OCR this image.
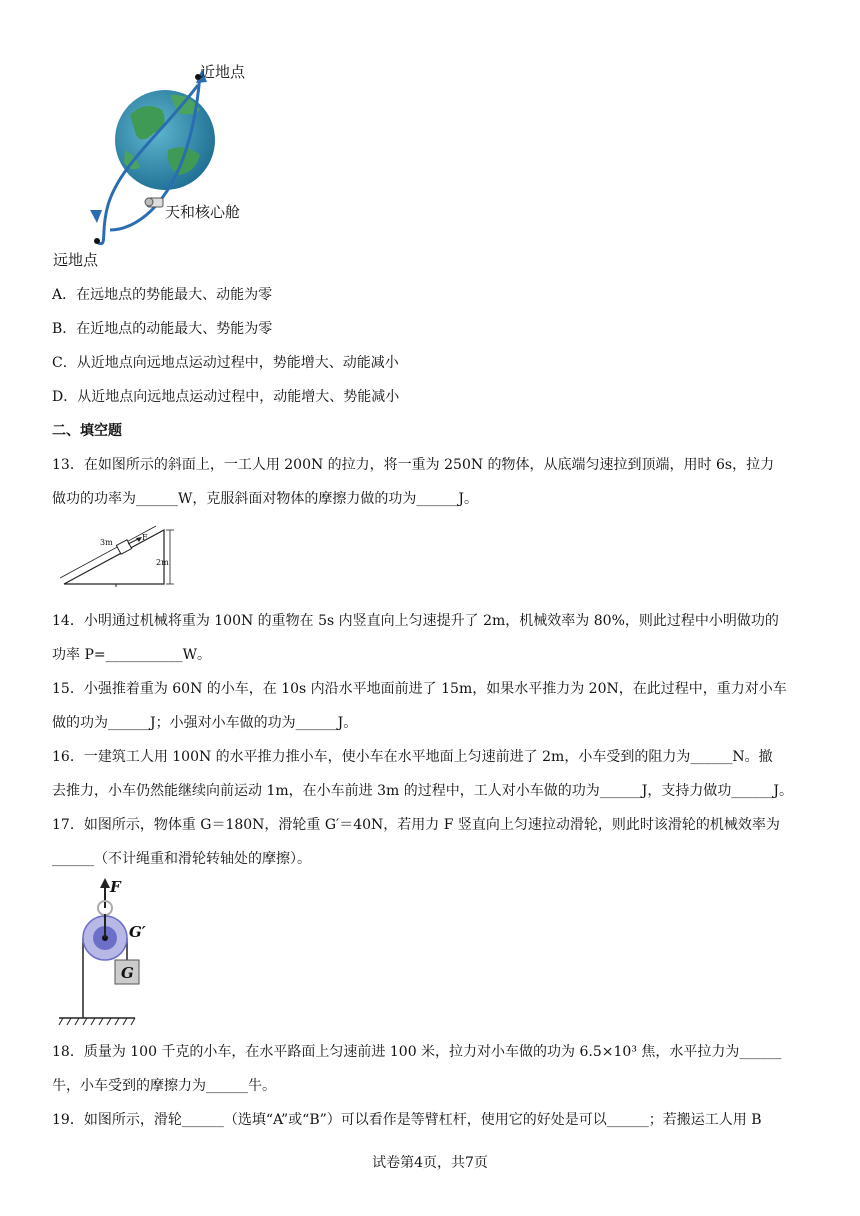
近地点
天和核心舱
远地点
A．在远地点的势能最大、动能为零
B．在近地点的动能最大、势能为零
C．从近地点向远地点运动过程中，势能增大、动能减小
D．从近地点向远地点运动过程中，动能增大、势能减小
二、填空题
13．在如图所示的斜面上，一工人用 200N 的拉力，将一重为 250N 的物体，从底端匀速拉到顶端，用时 6s，拉力
做功的功率为______W，克服斜面对物体的摩擦力做的功为______J。
3m
F
2m
14．小明通过机械将重为 100N 的重物在 5s 内竖直向上匀速提升了 2m，机械效率为 80%，则此过程中小明做功的
功率 P=___________W。
15．小强推着重为 60N 的小车，在 10s 内沿水平地面前进了 15m，如果水平推力为 20N，在此过程中，重力对小车
做的功为______J；小强对小车做的功为______J。
16．一建筑工人用 100N 的水平推力推小车，使小车在水平地面上匀速前进了 2m，小车受到的阻力为______N。撤
去推力，小车仍然能继续向前运动 1m，在小车前进 3m 的过程中，工人对小车做的功为______J，支持力做功______J。
17．如图所示，物体重 G＝180N，滑轮重 G′＝40N，若用力 F 竖直向上匀速拉动滑轮，则此时该滑轮的机械效率为
______（不计绳重和滑轮转轴处的摩擦）。
F
G′
G
18．质量为 100 千克的小车，在水平路面上匀速前进 100 米，拉力对小车做的功为 6.5×10³ 焦，水平拉力为______
牛，小车受到的摩擦力为______牛。
19．如图所示，滑轮______（选填“A”或“B”）可以看作是等臂杠杆，使用它的好处是可以______；若搬运工人用 B
试卷第4页，共7页
